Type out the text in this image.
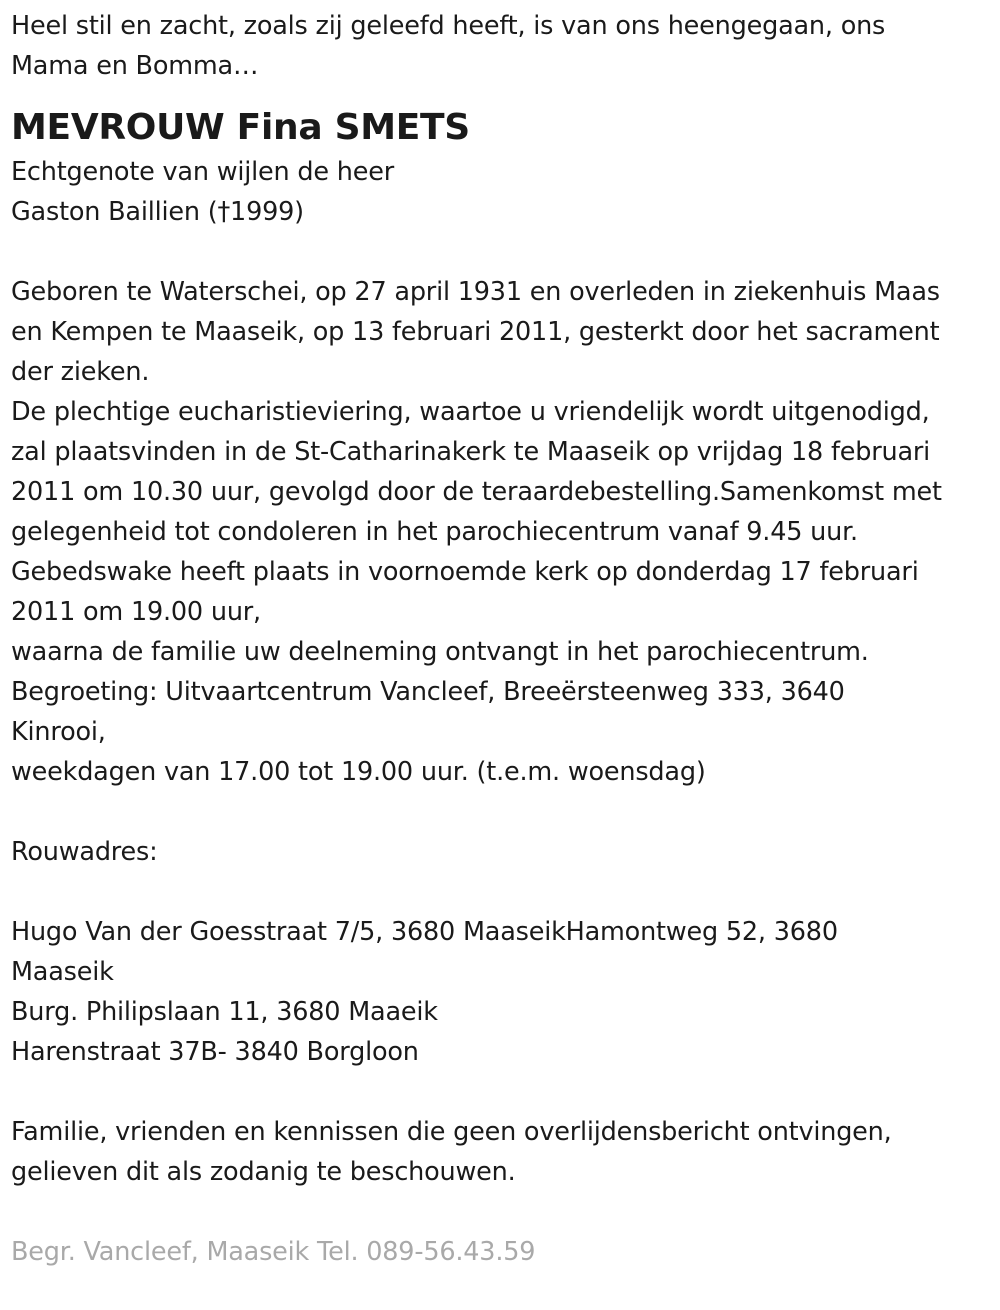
Heel stil en zacht, zoals zij geleefd heeft, is van ons heengegaan, ons
Mama en Bomma…
MEVROUW Fina SMETS
Echtgenote van wijlen de heer
Gaston Baillien (†1999)
Geboren te Waterschei, op 27 april 1931 en overleden in ziekenhuis Maas
en Kempen te Maaseik, op 13 februari 2011, gesterkt door het sacrament
der zieken.
De plechtige eucharistieviering, waartoe u vriendelijk wordt uitgenodigd,
zal plaatsvinden in de St-Catharinakerk te Maaseik op vrijdag 18 februari
2011 om 10.30 uur, gevolgd door de teraardebestelling.Samenkomst met
gelegenheid tot condoleren in het parochiecentrum vanaf 9.45 uur.
Gebedswake heeft plaats in voornoemde kerk op donderdag 17 februari
2011 om 19.00 uur,
waarna de familie uw deelneming ontvangt in het parochiecentrum.
Begroeting: Uitvaartcentrum Vancleef, Breeërsteenweg 333, 3640
Kinrooi,
weekdagen van 17.00 tot 19.00 uur. (t.e.m. woensdag)
Rouwadres:
Hugo Van der Goesstraat 7/5, 3680 MaaseikHamontweg 52, 3680
Maaseik
Burg. Philipslaan 11, 3680 Maaeik
Harenstraat 37B- 3840 Borgloon
Familie, vrienden en kennissen die geen overlijdensbericht ontvingen,
gelieven dit als zodanig te beschouwen.
Begr. Vancleef, Maaseik Tel. 089-56.43.59
